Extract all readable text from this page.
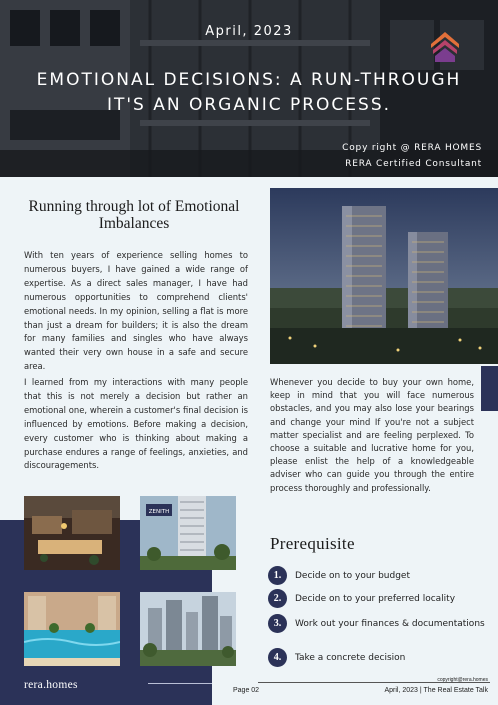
April, 2023
EMOTIONAL DECISIONS: A RUN-THROUGH IT'S AN ORGANIC PROCESS.
Copy right @ RERA HOMES
RERA Certified Consultant
Running through lot of Emotional Imbalances

With ten years of experience selling homes to numerous buyers, I have gained a wide range of expertise. As a direct sales manager, I have had numerous opportunities to comprehend clients' emotional needs. In my opinion, selling a flat is more than just a dream for builders; it is also the dream for many families and singles who have always wanted their very own house in a safe and secure area.

I learned from my interactions with many people that this is not merely a decision but rather an emotional one, wherein a customer's final decision is influenced by emotions. Before making a decision, every customer who is thinking about making a purchase endures a range of feelings, anxieties, and discouragements.

Whenever you decide to buy your own home, keep in mind that you will face numerous obstacles, and you may also lose your bearings and change your mind If you're not a subject matter specialist and are feeling perplexed. To choose a suitable and lucrative home for you, please enlist the help of a knowledgeable adviser who can guide you through the entire process thoroughly and professionally.

Prerequisite
1.	Decide on to your budget
2.	Decide on to your preferred locality
3.	Work out your finances & documentations
4.	Take a concrete decision
ZENITH
rera.homes	Page 02
copyright@rera.homes
April, 2023 | The Real Estate Talk
